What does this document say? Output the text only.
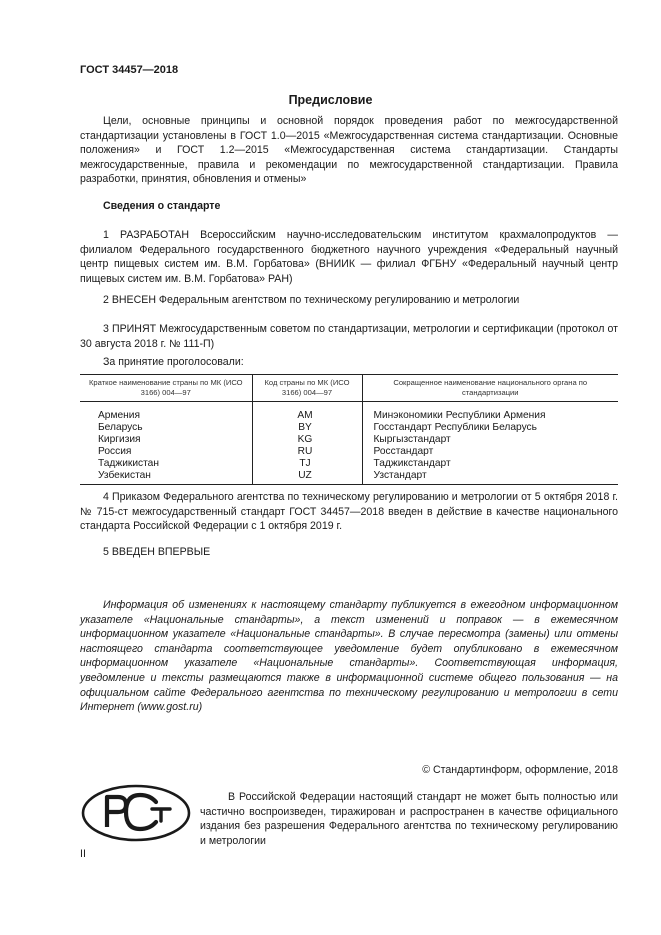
ГОСТ 34457—2018
Предисловие
Цели, основные принципы и основной порядок проведения работ по межгосударственной стандартизации установлены в ГОСТ 1.0—2015 «Межгосударственная система стандартизации. Основные положения» и ГОСТ 1.2—2015 «Межгосударственная система стандартизации. Стандарты межгосударственные, правила и рекомендации по межгосударственной стандартизации. Правила разработки, принятия, обновления и отмены»
Сведения о стандарте
1 РАЗРАБОТАН Всероссийским научно-исследовательским институтом крахмалопродуктов — филиалом Федерального государственного бюджетного научного учреждения «Федеральный научный центр пищевых систем им. В.М. Горбатова» (ВНИИК — филиал ФГБНУ «Федеральный научный центр пищевых систем им. В.М. Горбатова» РАН)
2 ВНЕСЕН Федеральным агентством по техническому регулированию и метрологии
3 ПРИНЯТ Межгосударственным советом по стандартизации, метрологии и сертификации (протокол от 30 августа 2018 г. № 111-П)
За принятие проголосовали:
Краткое наименование страны по МК (ИСО 3166) 004—97	Код страны по МК (ИСО 3166) 004—97	Сокращенное наименование национального органа по стандартизации
Армения	AM	Минэкономики Республики Армения
Беларусь	BY	Госстандарт Республики Беларусь
Киргизия	KG	Кыргызстандарт
Россия	RU	Росстандарт
Таджикистан	TJ	Таджикстандарт
Узбекистан	UZ	Узстандарт
4 Приказом Федерального агентства по техническому регулированию и метрологии от 5 октября 2018 г. № 715-ст межгосударственный стандарт ГОСТ 34457—2018 введен в действие в качестве национального стандарта Российской Федерации с 1 октября 2019 г.
5 ВВЕДЕН ВПЕРВЫЕ
Информация об изменениях к настоящему стандарту публикуется в ежегодном информационном указателе «Национальные стандарты», а текст изменений и поправок — в ежемесячном информационном указателе «Национальные стандарты». В случае пересмотра (замены) или отмены настоящего стандарта соответствующее уведомление будет опубликовано в ежемесячном информационном указателе «Национальные стандарты». Соответствующая информация, уведомление и тексты размещаются также в информационной системе общего пользования — на официальном сайте Федерального агентства по техническому регулированию и метрологии в сети Интернет (www.gost.ru)
© Стандартинформ, оформление, 2018
В Российской Федерации настоящий стандарт не может быть полностью или частично воспроизведен, тиражирован и распространен в качестве официального издания без разрешения Федерального агентства по техническому регулированию и метрологии
II
